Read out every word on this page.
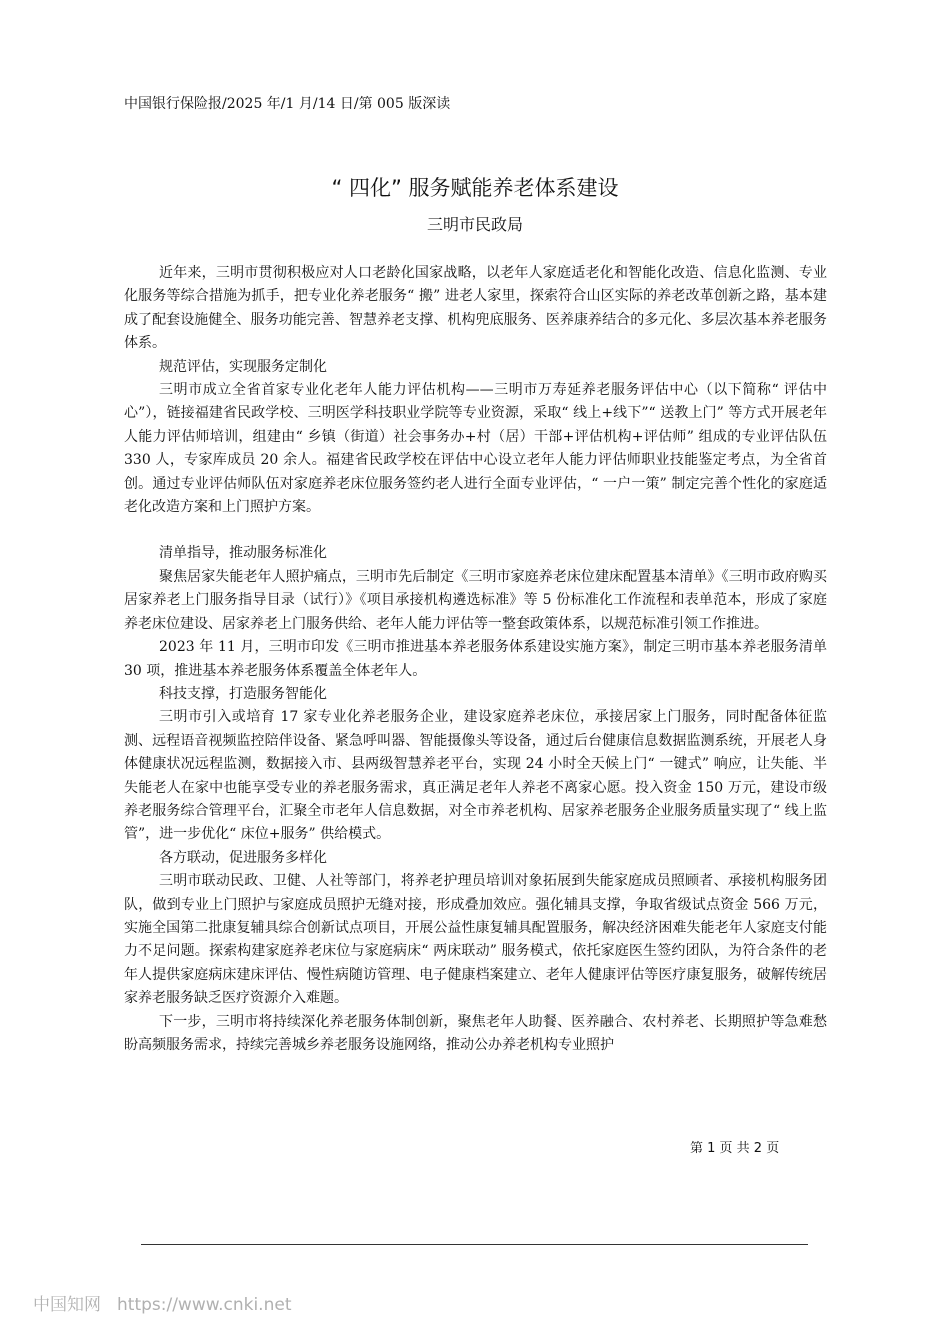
中国银行保险报/2025 年/1 月/14 日/第 005 版深读
“ 四化” 服务赋能养老体系建设
三明市民政局

近年来，三明市贯彻积极应对人口老龄化国家战略，以老年人家庭适老化和智能化改造、信息化监测、专业化服务等综合措施为抓手，把专业化养老服务“ 搬” 进老人家里，探索符合山区实际的养老改革创新之路，基本建成了配套设施健全、服务功能完善、智慧养老支撑、机构兜底服务、医养康养结合的多元化、多层次基本养老服务体系。

规范评估，实现服务定制化

三明市成立全省首家专业化老年人能力评估机构——三明市万寿延养老服务评估中心（以下简称“ 评估中心”），链接福建省民政学校、三明医学科技职业学院等专业资源，采取“ 线上+线下”“ 送教上门” 等方式开展老年人能力评估师培训，组建由“ 乡镇（街道）社会事务办+村（居）干部+评估机构+评估师” 组成的专业评估队伍 330 人，专家库成员 20 余人。福建省民政学校在评估中心设立老年人能力评估师职业技能鉴定考点，为全省首创。通过专业评估师队伍对家庭养老床位服务签约老人进行全面专业评估，“ 一户一策” 制定完善个性化的家庭适老化改造方案和上门照护方案。

清单指导，推动服务标准化

聚焦居家失能老年人照护痛点，三明市先后制定《三明市家庭养老床位建床配置基本清单》《三明市政府购买居家养老上门服务指导目录（试行）》《项目承接机构遴选标准》等 5 份标准化工作流程和表单范本，形成了家庭养老床位建设、居家养老上门服务供给、老年人能力评估等一整套政策体系，以规范标准引领工作推进。

2023 年 11 月，三明市印发《三明市推进基本养老服务体系建设实施方案》，制定三明市基本养老服务清单 30 项，推进基本养老服务体系覆盖全体老年人。

科技支撑，打造服务智能化

三明市引入或培育 17 家专业化养老服务企业，建设家庭养老床位，承接居家上门服务，同时配备体征监测、远程语音视频监控陪伴设备、紧急呼叫器、智能摄像头等设备，通过后台健康信息数据监测系统，开展老人身体健康状况远程监测，数据接入市、县两级智慧养老平台，实现 24 小时全天候上门“ 一键式” 响应，让失能、半失能老人在家中也能享受专业的养老服务需求，真正满足老年人养老不离家心愿。投入资金 150 万元，建设市级养老服务综合管理平台，汇聚全市老年人信息数据，对全市养老机构、居家养老服务企业服务质量实现了“ 线上监管”，进一步优化“ 床位+服务” 供给模式。

各方联动，促进服务多样化

三明市联动民政、卫健、人社等部门，将养老护理员培训对象拓展到失能家庭成员照顾者、承接机构服务团队，做到专业上门照护与家庭成员照护无缝对接，形成叠加效应。强化辅具支撑，争取省级试点资金 566 万元，实施全国第二批康复辅具综合创新试点项目，开展公益性康复辅具配置服务，解决经济困难失能老年人家庭支付能力不足问题。探索构建家庭养老床位与家庭病床“ 两床联动” 服务模式，依托家庭医生签约团队，为符合条件的老年人提供家庭病床建床评估、慢性病随访管理、电子健康档案建立、老年人健康评估等医疗康复服务，破解传统居家养老服务缺乏医疗资源介入难题。

下一步，三明市将持续深化养老服务体制创新，聚焦老年人助餐、医养融合、农村养老、长期照护等急难愁盼高频服务需求，持续完善城乡养老服务设施网络，推动公办养老机构专业照护

第 1 页 共 2 页
中国知网 https://www.cnki.net
